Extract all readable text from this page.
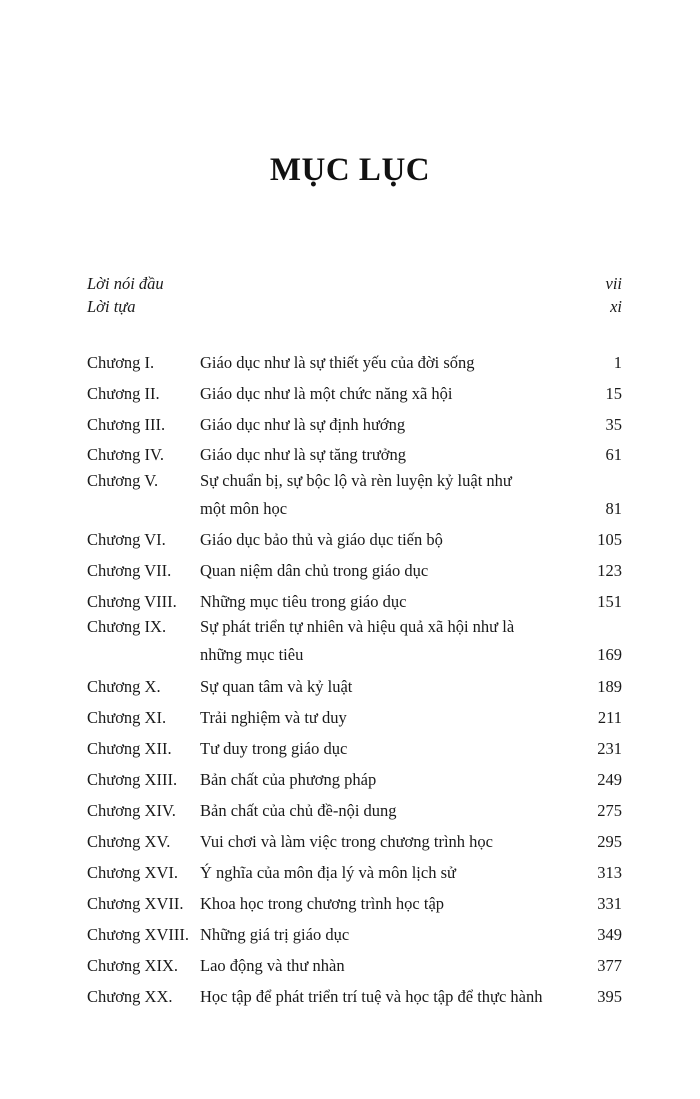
MỤC LỤC
Lời nói đầu	vii
Lời tựa	xi
Chương I.	Giáo dục như là sự thiết yếu của đời sống	1
Chương II. Giáo dục như là một chức năng xã hội	15
Chương III. Giáo dục như là sự định hướng	35
Chương IV. Giáo dục như là sự tăng trưởng	61
Chương V.	Sự chuẩn bị, sự bộc lộ và rèn luyện kỷ luật như
một môn học	81
Chương VI. Giáo dục bảo thủ và giáo dục tiến bộ	105
Chương VII. Quan niệm dân chủ trong giáo dục	123
Chương VIII. Những mục tiêu trong giáo dục	151
Chương IX. Sự phát triển tự nhiên và hiệu quả xã hội như là
những mục tiêu	169
Chương X. Sự quan tâm và kỷ luật	189
Chương XI. Trải nghiệm và tư duy	211
Chương XII. Tư duy trong giáo dục	231
Chương XIII. Bản chất của phương pháp	249
Chương XIV. Bản chất của chủ đề-nội dung	275
Chương XV. Vui chơi và làm việc trong chương trình học	295
Chương XVI. Ý nghĩa của môn địa lý và môn lịch sử	313
Chương XVII. Khoa học trong chương trình học tập	331
Chương XVIII. Những giá trị giáo dục	349
Chương XIX. Lao động và thư nhàn	377
Chương XX. Học tập để phát triển trí tuệ và học tập để thực hành	395
